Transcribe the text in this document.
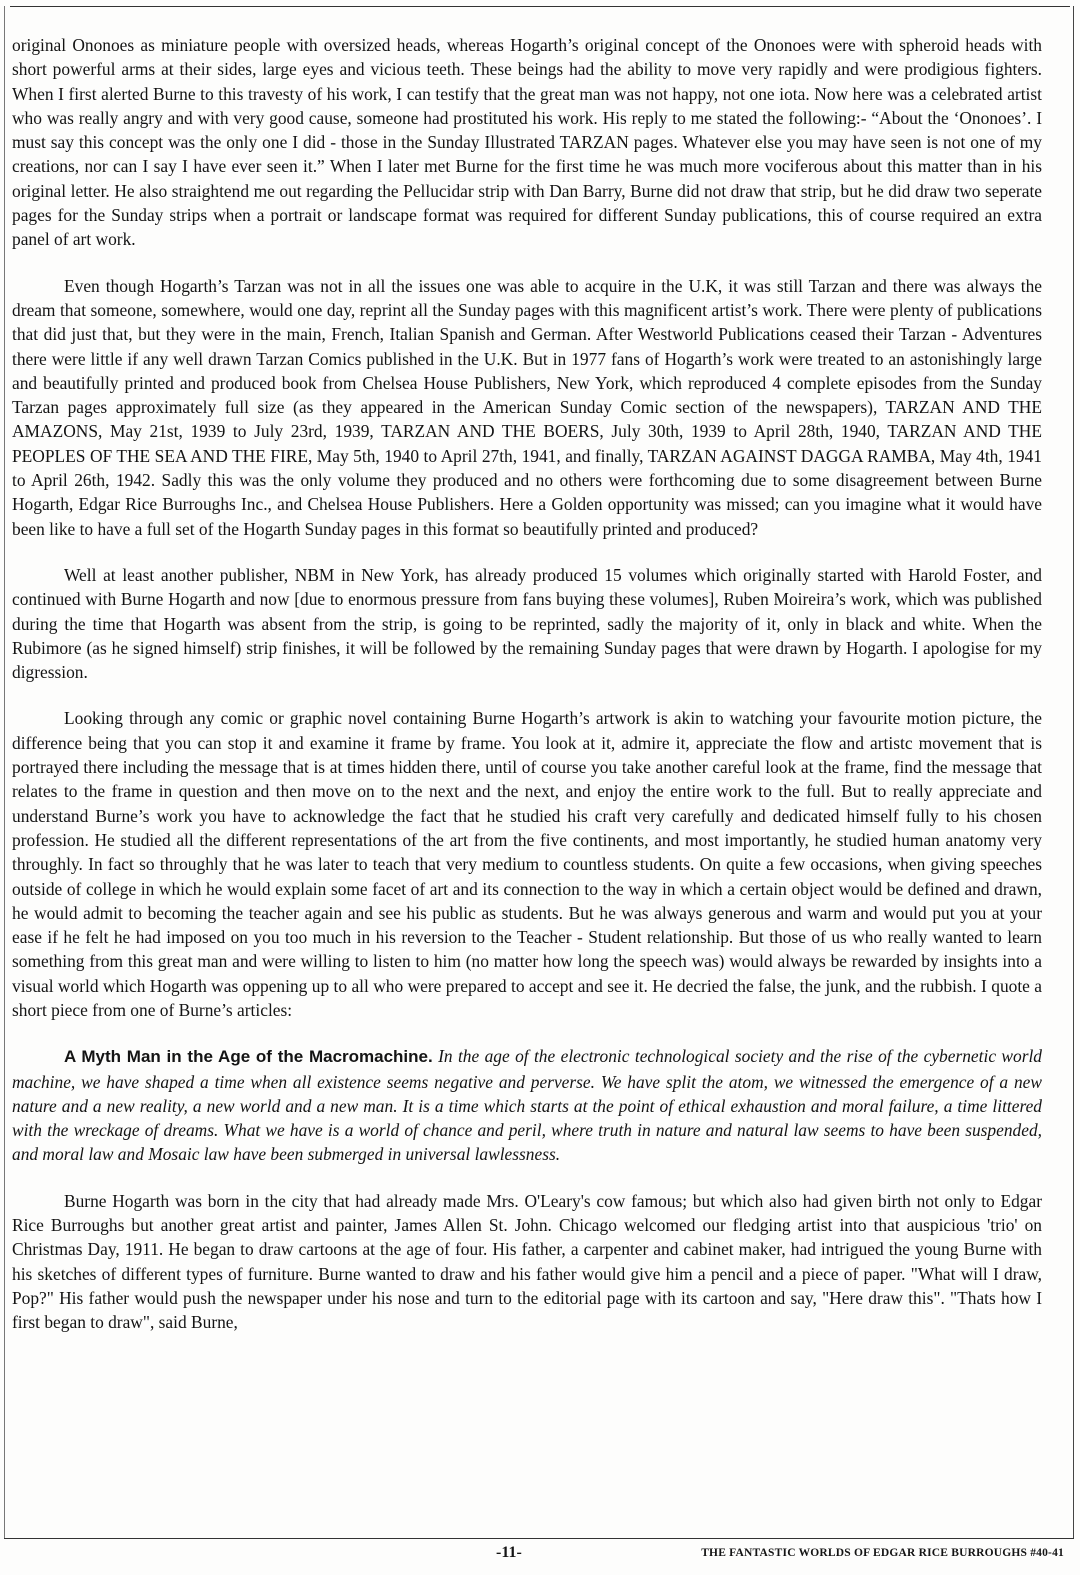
original Ononoes as miniature people with oversized heads, whereas Hogarth’s original concept of the Ononoes were with spheroid heads with short powerful arms at their sides, large eyes and vicious teeth. These beings had the ability to move very rapidly and were prodigious fighters. When I first alerted Burne to this travesty of his work, I can testify that the great man was not happy, not one iota. Now here was a celebrated artist who was really angry and with very good cause, someone had prostituted his work. His reply to me stated the following:- “About the ‘Ononoes’. I must say this concept was the only one I did - those in the Sunday Illustrated TARZAN pages. Whatever else you may have seen is not one of my creations, nor can I say I have ever seen it.” When I later met Burne for the first time he was much more vociferous about this matter than in his original letter. He also straightend me out regarding the Pellucidar strip with Dan Barry, Burne did not draw that strip, but he did draw two seperate pages for the Sunday strips when a portrait or landscape format was required for different Sunday publications, this of course required an extra panel of art work.

Even though Hogarth’s Tarzan was not in all the issues one was able to acquire in the U.K, it was still Tarzan and there was always the dream that someone, somewhere, would one day, reprint all the Sunday pages with this magnificent artist’s work. There were plenty of publications that did just that, but they were in the main, French, Italian Spanish and German. After Westworld Publications ceased their Tarzan - Adventures there were little if any well drawn Tarzan Comics published in the U.K. But in 1977 fans of Hogarth’s work were treated to an astonishingly large and beautifully printed and produced book from Chelsea House Publishers, New York, which reproduced 4 complete episodes from the Sunday Tarzan pages approximately full size (as they appeared in the American Sunday Comic section of the newspapers), TARZAN AND THE AMAZONS, May 21st, 1939 to July 23rd, 1939, TARZAN AND THE BOERS, July 30th, 1939 to April 28th, 1940, TARZAN AND THE PEOPLES OF THE SEA AND THE FIRE, May 5th, 1940 to April 27th, 1941, and finally, TARZAN AGAINST DAGGA RAMBA, May 4th, 1941 to April 26th, 1942. Sadly this was the only volume they produced and no others were forthcoming due to some disagreement between Burne Hogarth, Edgar Rice Burroughs Inc., and Chelsea House Publishers. Here a Golden opportunity was missed; can you imagine what it would have been like to have a full set of the Hogarth Sunday pages in this format so beautifully printed and produced?

Well at least another publisher, NBM in New York, has already produced 15 volumes which originally started with Harold Foster, and continued with Burne Hogarth and now [due to enormous pressure from fans buying these volumes], Ruben Moireira’s work, which was published during the time that Hogarth was absent from the strip, is going to be reprinted, sadly the majority of it, only in black and white. When the Rubimore (as he signed himself) strip finishes, it will be followed by the remaining Sunday pages that were drawn by Hogarth. I apologise for my digression.

Looking through any comic or graphic novel containing Burne Hogarth’s artwork is akin to watching your favourite motion picture, the difference being that you can stop it and examine it frame by frame. You look at it, admire it, appreciate the flow and artistc movement that is portrayed there including the message that is at times hidden there, until of course you take another careful look at the frame, find the message that relates to the frame in question and then move on to the next and the next, and enjoy the entire work to the full. But to really appreciate and understand Burne’s work you have to acknowledge the fact that he studied his craft very carefully and dedicated himself fully to his chosen profession. He studied all the different representations of the art from the five continents, and most importantly, he studied human anatomy very throughly. In fact so throughly that he was later to teach that very medium to countless students. On quite a few occasions, when giving speeches outside of college in which he would explain some facet of art and its connection to the way in which a certain object would be defined and drawn, he would admit to becoming the teacher again and see his public as students. But he was always generous and warm and would put you at your ease if he felt he had imposed on you too much in his reversion to the Teacher - Student relationship. But those of us who really wanted to learn something from this great man and were willing to listen to him (no matter how long the speech was) would always be rewarded by insights into a visual world which Hogarth was oppening up to all who were prepared to accept and see it. He decried the false, the junk, and the rubbish. I quote a short piece from one of Burne’s articles:

A Myth Man in the Age of the Macromachine. In the age of the electronic technological society and the rise of the cybernetic world machine, we have shaped a time when all existence seems negative and perverse. We have split the atom, we witnessed the emergence of a new nature and a new reality, a new world and a new man. It is a time which starts at the point of ethical exhaustion and moral failure, a time littered with the wreckage of dreams. What we have is a world of chance and peril, where truth in nature and natural law seems to have been suspended, and moral law and Mosaic law have been submerged in universal lawlessness.

Burne Hogarth was born in the city that had already made Mrs. O'Leary's cow famous; but which also had given birth not only to Edgar Rice Burroughs but another great artist and painter, James Allen St. John. Chicago welcomed our fledging artist into that auspicious 'trio' on Christmas Day, 1911. He began to draw cartoons at the age of four. His father, a carpenter and cabinet maker, had intrigued the young Burne with his sketches of different types of furniture. Burne wanted to draw and his father would give him a pencil and a piece of paper. "What will I draw, Pop?" His father would push the newspaper under his nose and turn to the editorial page with its cartoon and say, "Here draw this". "Thats how I first began to draw", said Burne,

-11-	THE FANTASTIC WORLDS OF EDGAR RICE BURROUGHS #40-41
